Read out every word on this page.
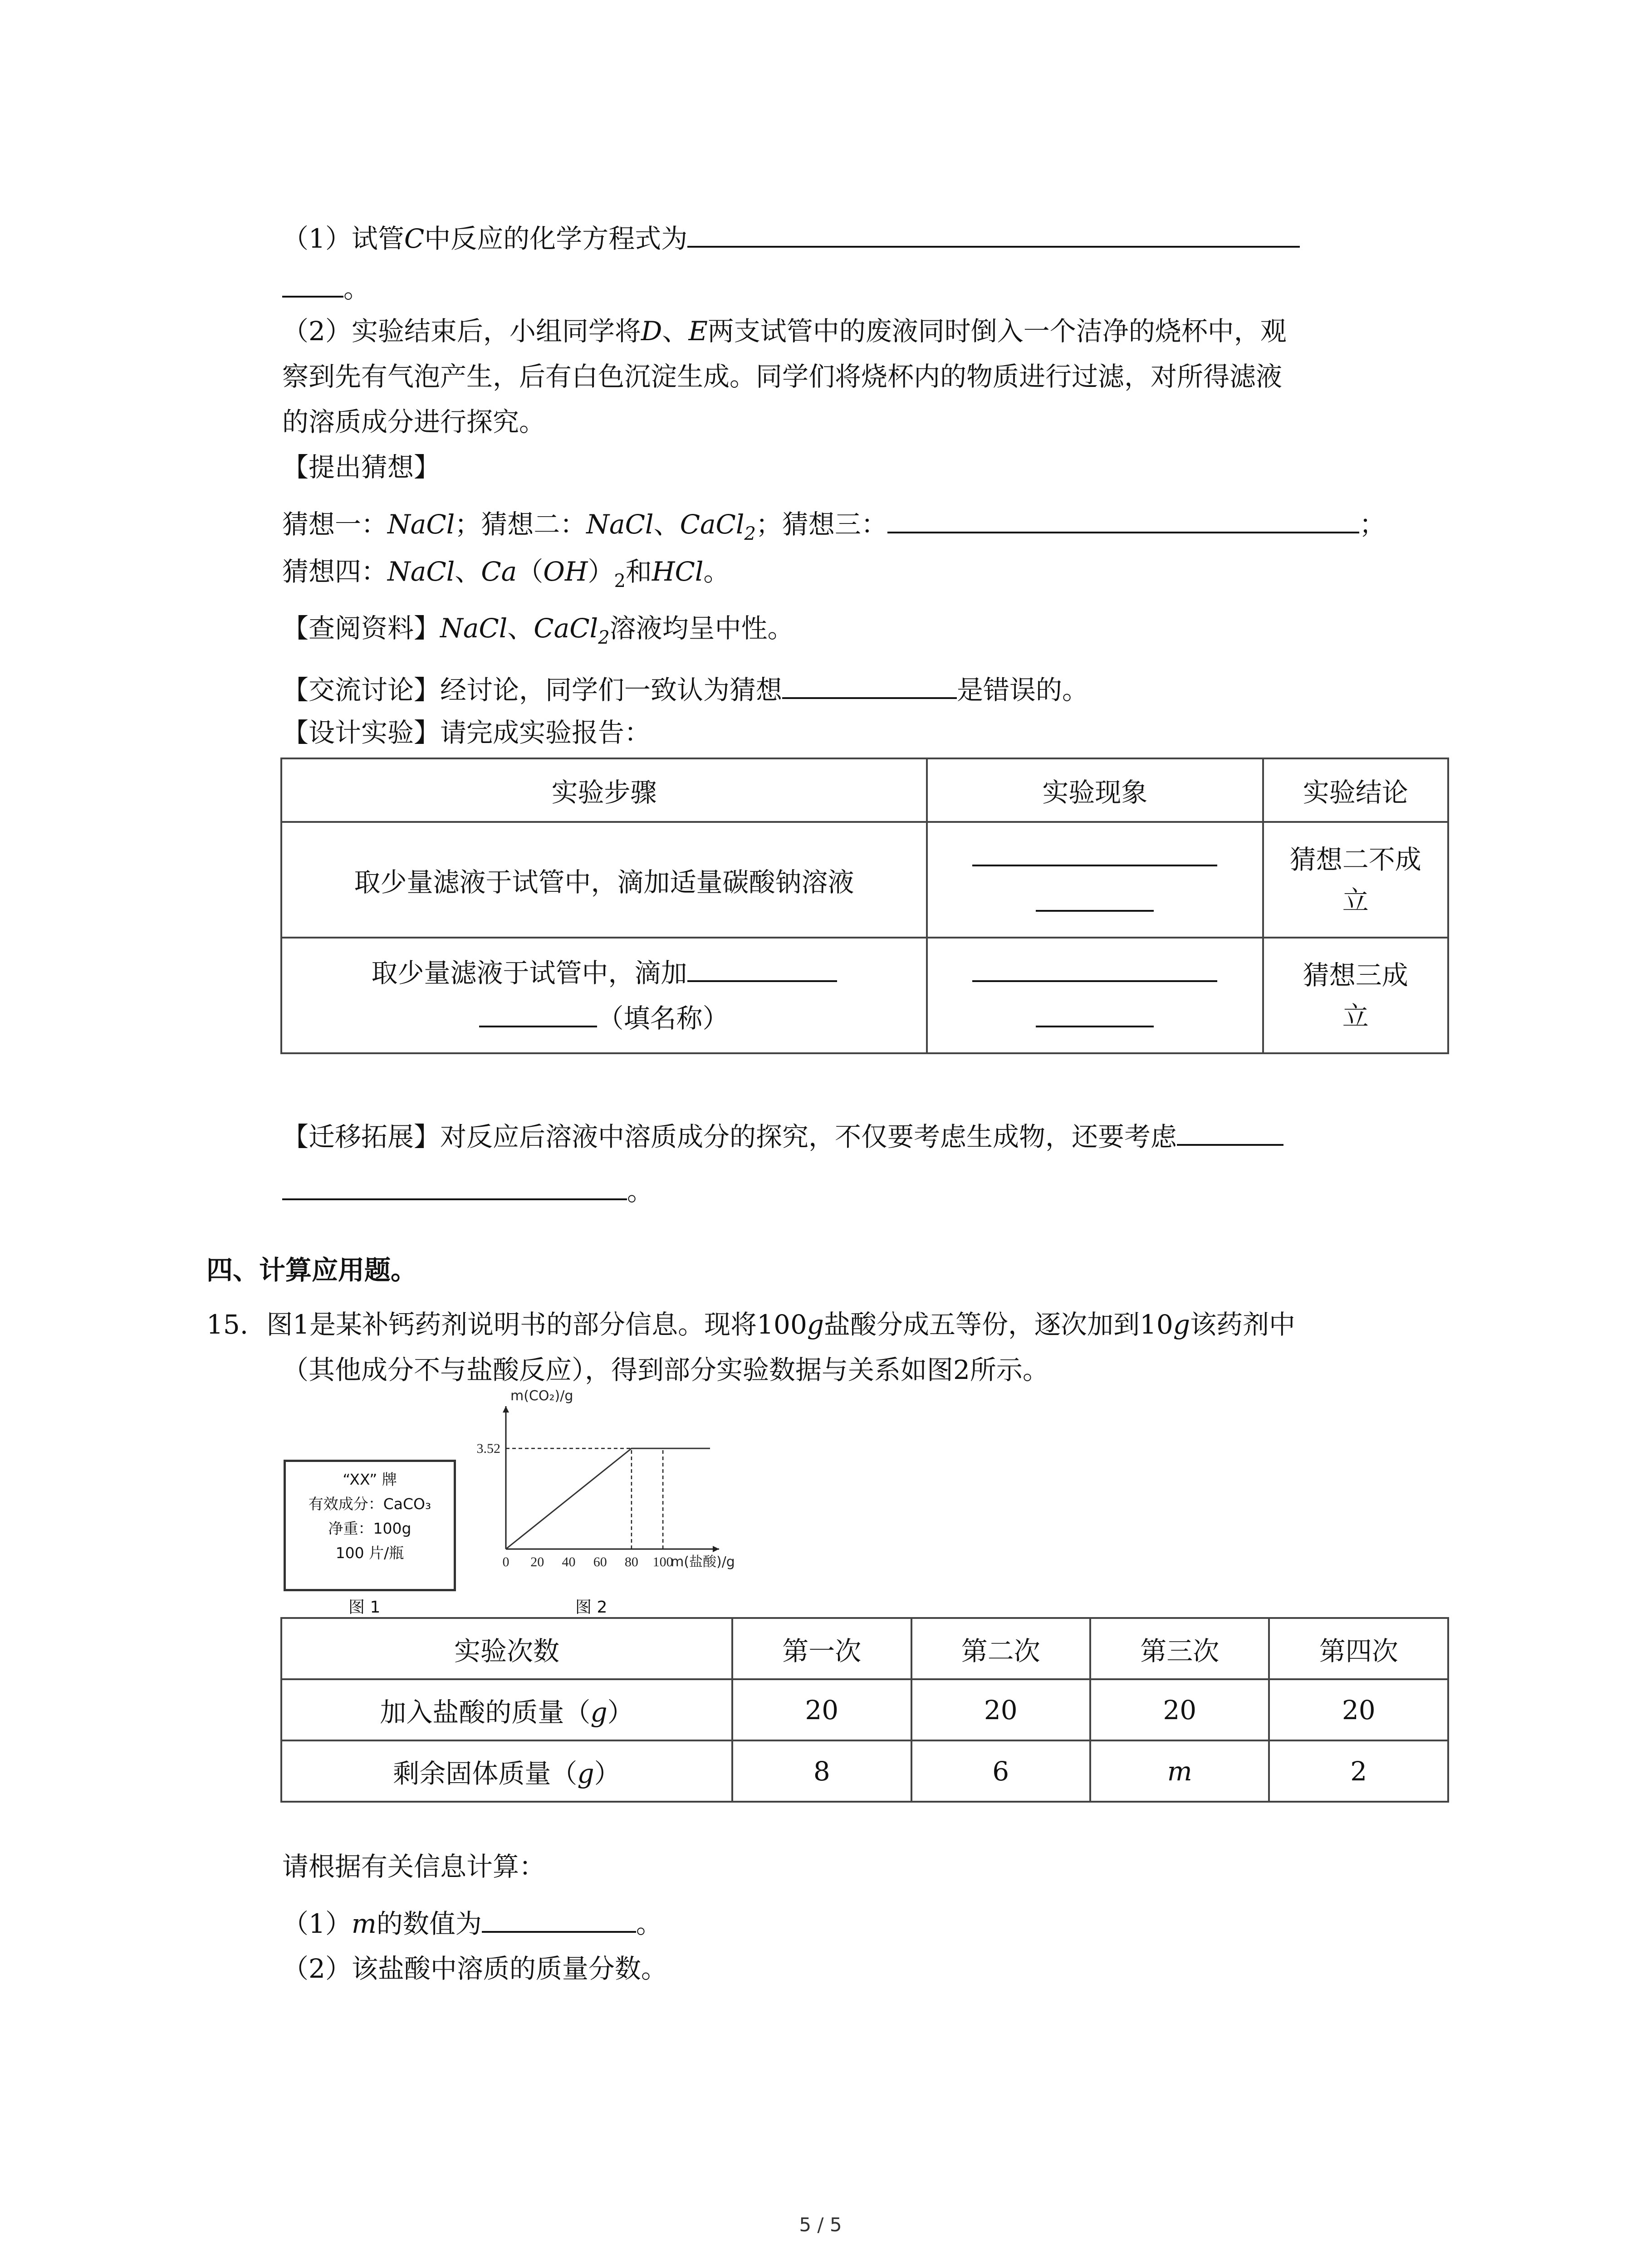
（1）试管C中反应的化学方程式为
。
（2）实验结束后，小组同学将D、E两支试管中的废液同时倒入一个洁净的烧杯中，观
察到先有气泡产生，后有白色沉淀生成。同学们将烧杯内的物质进行过滤，对所得滤液
的溶质成分进行探究。
【提出猜想】
猜想一：NaCl；猜想二：NaCl、CaCl$_2$；猜想三：	；
猜想四：NaCl、$Ca(OH)_2$和HCl。
【查阅资料】NaCl、CaCl$_2$溶液均呈中性。
【交流讨论】经讨论，同学们一致认为猜想	是错误的。
【设计实验】请完成实验报告：
实验步骤	实验现象	实验结论
取少量滤液于试管中，滴加适量碳酸钠溶液		猜想二不成
立
取少量滤液于试管中，滴加
（填名称）		猜想三成
立
【迁移拓展】对反应后溶液中溶质成分的探究，不仅要考虑生成物，还要考虑
。
四、计算应用题。
15. 图1是某补钙药剂说明书的部分信息。现将100g盐酸分成五等份，逐次加到10g该药剂中
（其他成分不与盐酸反应），得到部分实验数据与关系如图2所示。
“XX” 牌
有效成分：CaCO₃
净重：100g
100 片/瓶
图 1
0 20 40 60 80 100
3.52
m(CO₂)/g
m(盐酸)/g
图 2
实验次数	第一次	第二次	第三次	第四次
加入盐酸的质量（g）	20	20	20	20
剩余固体质量（g）	8	6	m	2
请根据有关信息计算：
（1）m的数值为	。
（2）该盐酸中溶质的质量分数。
5 / 5
